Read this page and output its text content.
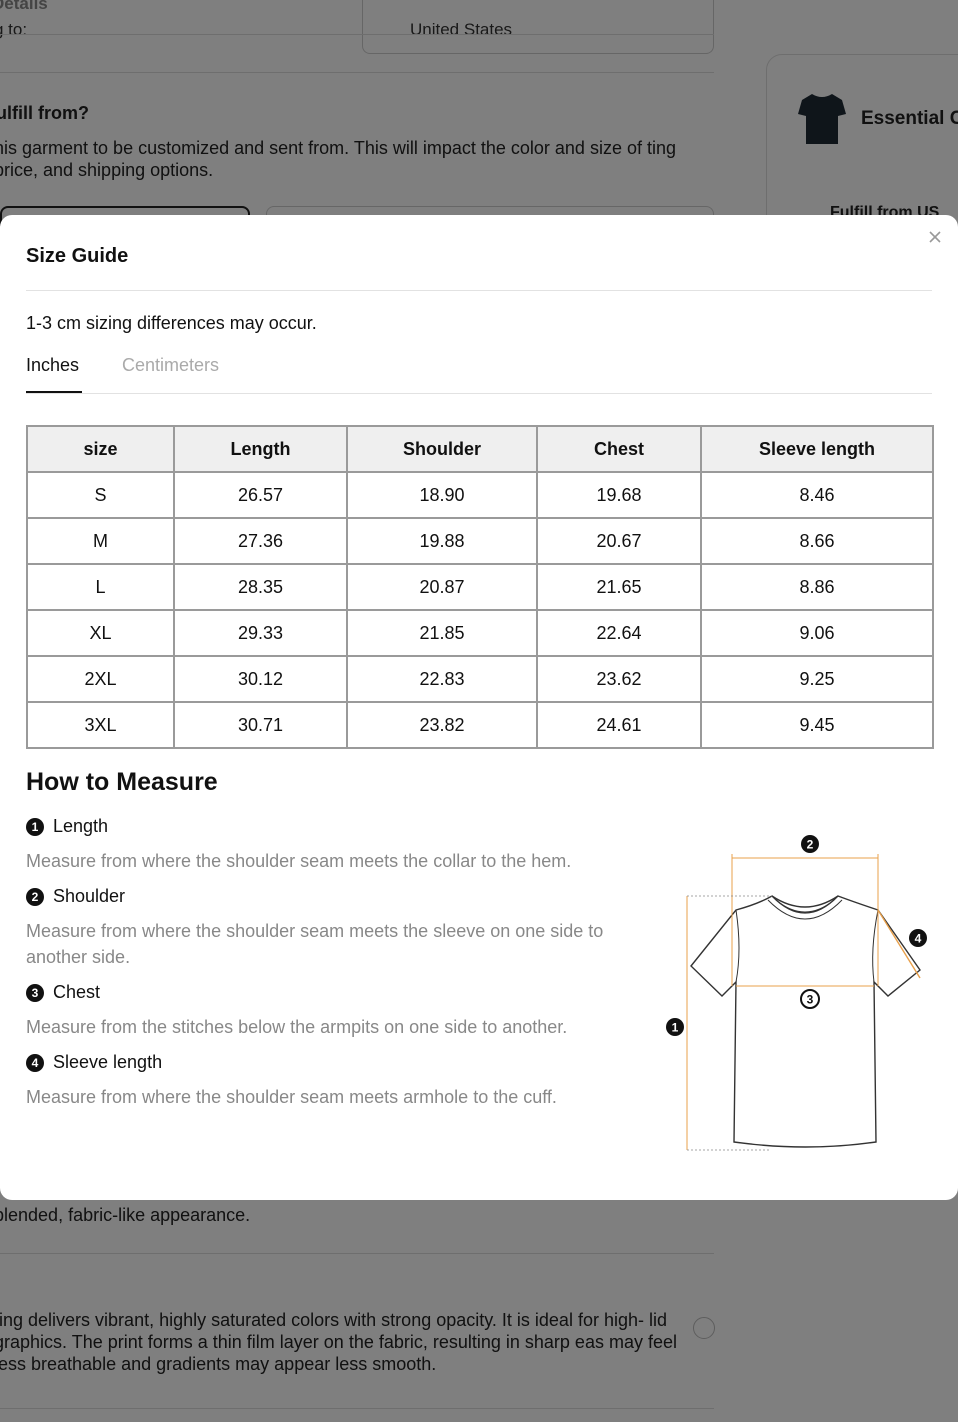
Size Guide
1-3 cm sizing differences may occur.
Inches Centimeters
size	Length	Shoulder	Chest	Sleeve length
S	26.57	18.90	19.68	8.46
M	27.36	19.88	20.67	8.66
L	28.35	20.87	21.65	8.86
XL	29.33	21.85	22.64	9.06
2XL	30.12	22.83	23.62	9.25
3XL	30.71	23.82	24.61	9.45
How to Measure
1 Length
Measure from where the shoulder seam meets the collar to the hem.
2 Shoulder
Measure from where the shoulder seam meets the sleeve on one side to another side.
3 Chest
Measure from the stitches below the armpits on one side to another.
4 Sleeve length
Measure from where the shoulder seam meets armhole to the cuff.
2
4
3
1
